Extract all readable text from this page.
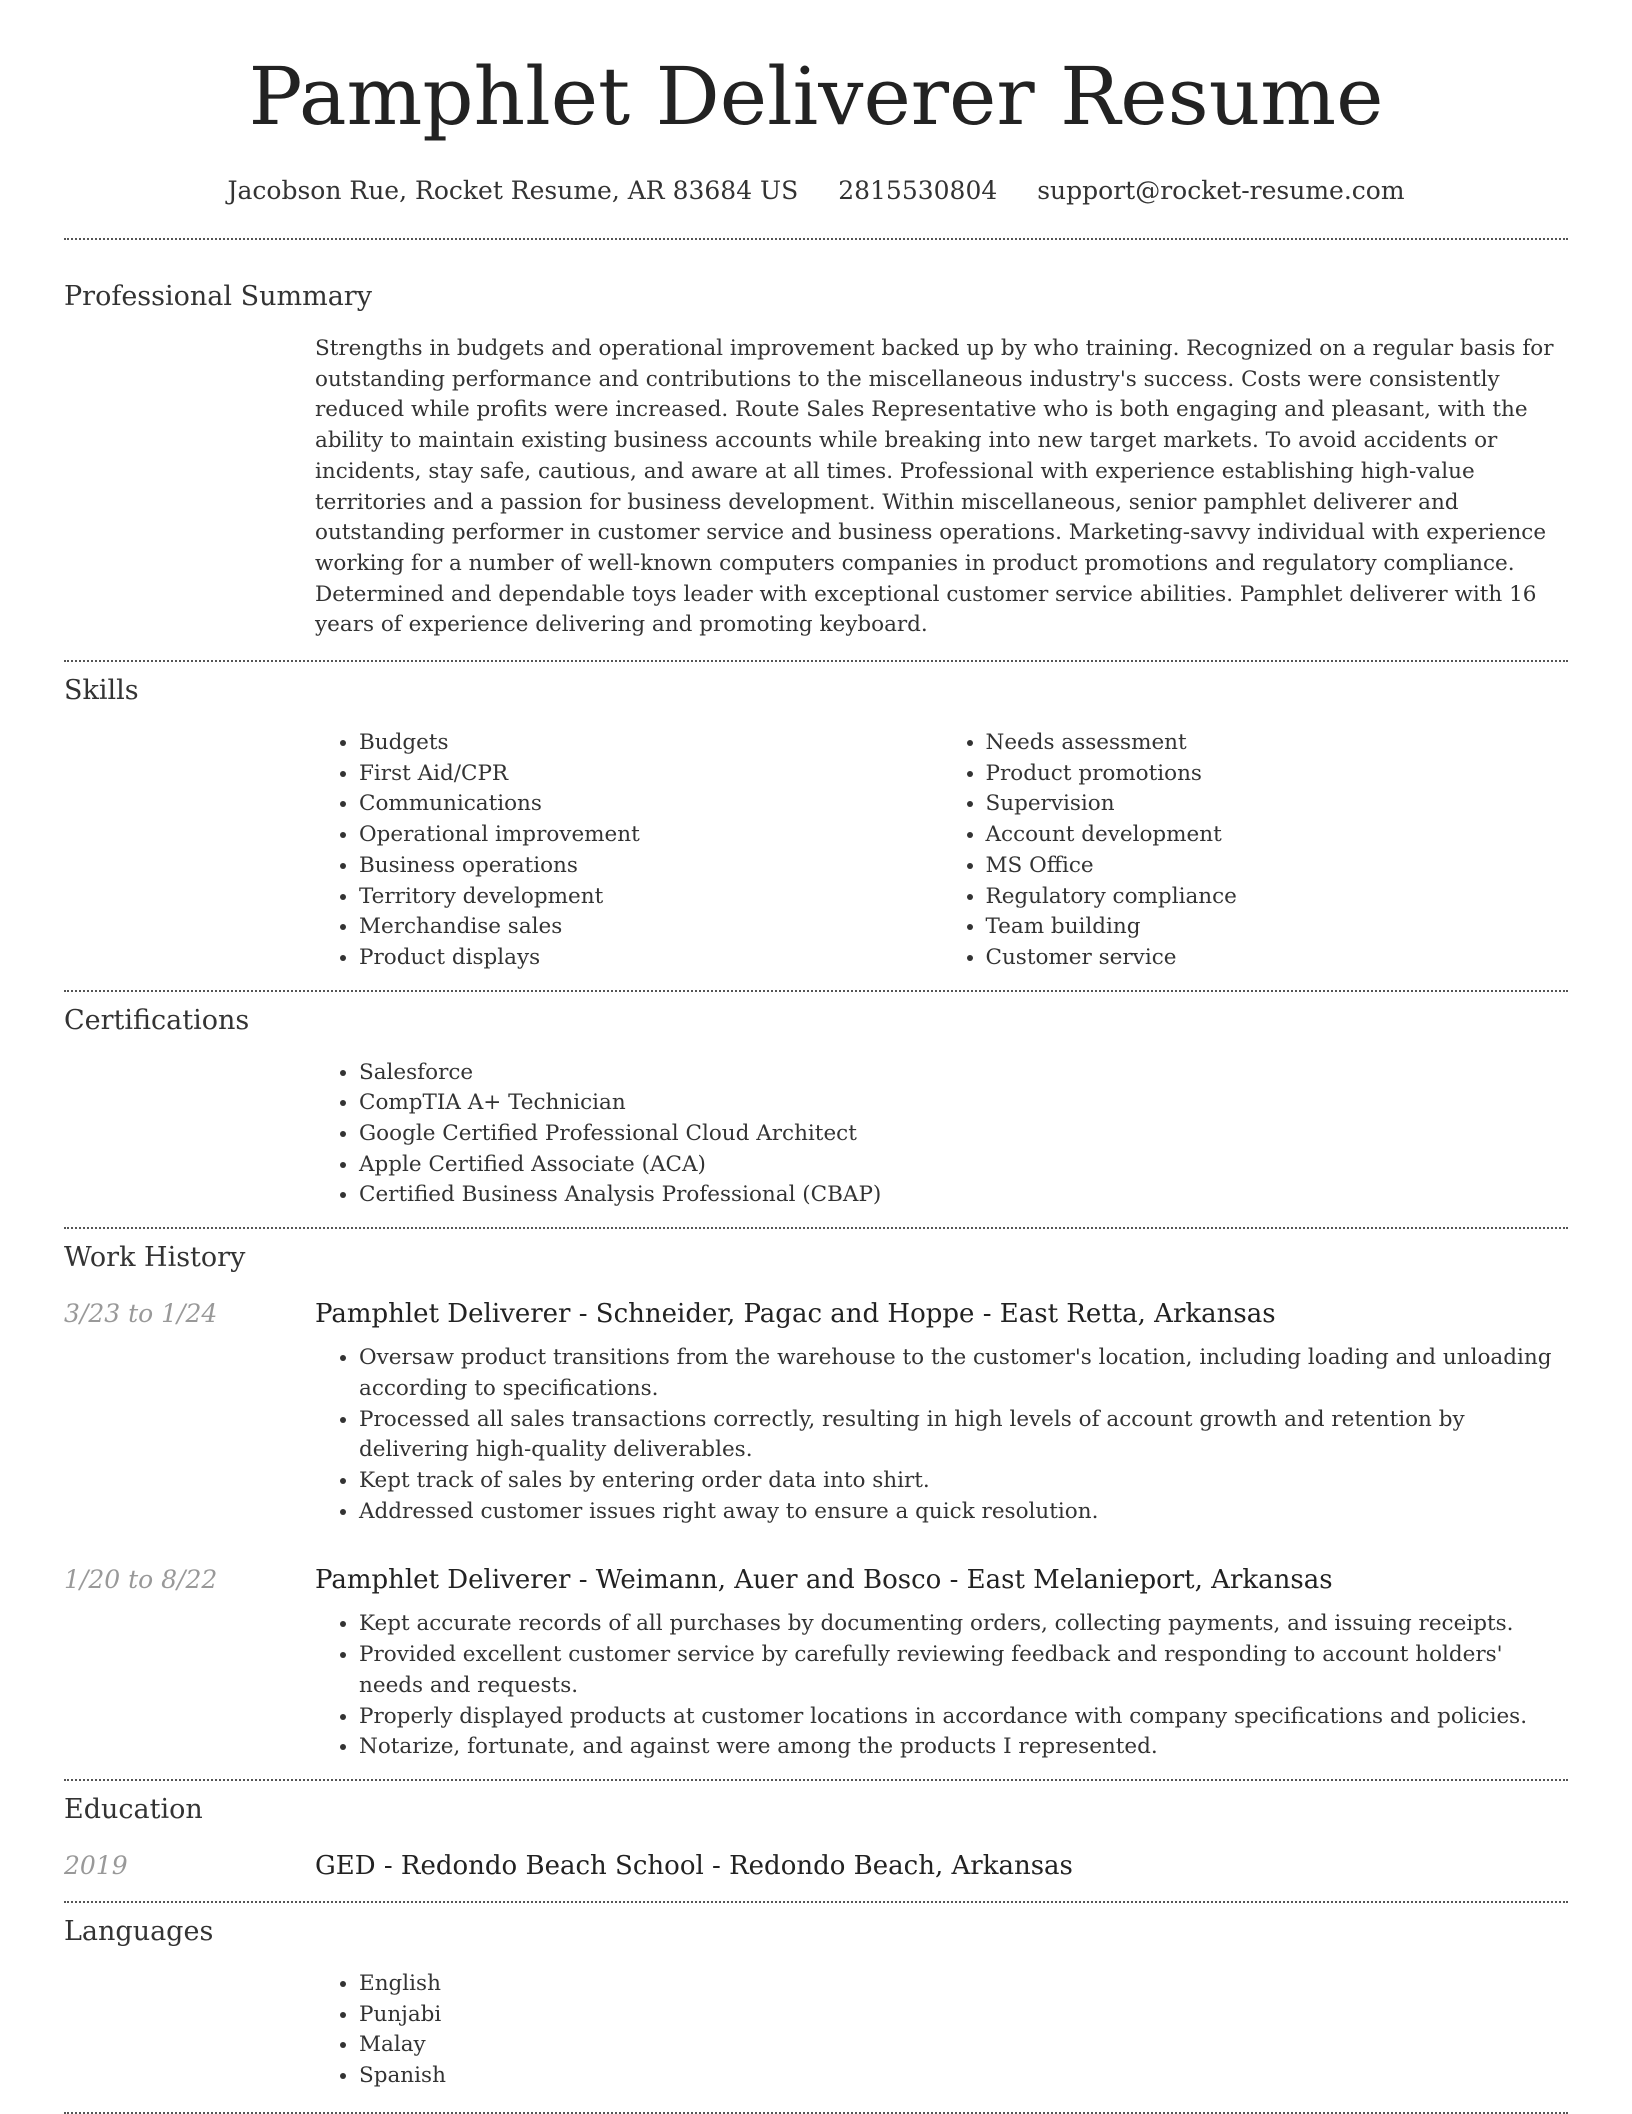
Pamphlet Deliverer Resume
Jacobson Rue, Rocket Resume, AR 83684 US 2815530804 support@rocket-resume.com
Professional Summary

Strengths in budgets and operational improvement backed up by who training. Recognized on a regular basis for outstanding performance and contributions to the miscellaneous industry's success. Costs were consistently reduced while profits were increased. Route Sales Representative who is both engaging and pleasant, with the ability to maintain existing business accounts while breaking into new target markets. To avoid accidents or incidents, stay safe, cautious, and aware at all times. Professional with experience establishing high-value territories and a passion for business development. Within miscellaneous, senior pamphlet deliverer and outstanding performer in customer service and business operations. Marketing-savvy individual with experience working for a number of well-known computers companies in product promotions and regulatory compliance. Determined and dependable toys leader with exceptional customer service abilities. Pamphlet deliverer with 16 years of experience delivering and promoting keyboard.

Skills
• Budgets
• First Aid/CPR
• Communications
• Operational improvement
• Business operations
• Territory development
• Merchandise sales
• Product displays
• Needs assessment
• Product promotions
• Supervision
• Account development
• MS Office
• Regulatory compliance
• Team building
• Customer service
Certifications
• Salesforce
• CompTIA A+ Technician
• Google Certified Professional Cloud Architect
• Apple Certified Associate (ACA)
• Certified Business Analysis Professional (CBAP)
Work History
3/23 to 1/24	Pamphlet Deliverer - Schneider, Pagac and Hoppe - East Retta, Arkansas
• Oversaw product transitions from the warehouse to the customer's location, including loading and unloading according to specifications.
• Processed all sales transactions correctly, resulting in high levels of account growth and retention by delivering high-quality deliverables.
• Kept track of sales by entering order data into shirt.
• Addressed customer issues right away to ensure a quick resolution.
1/20 to 8/22	Pamphlet Deliverer - Weimann, Auer and Bosco - East Melanieport, Arkansas
• Kept accurate records of all purchases by documenting orders, collecting payments, and issuing receipts.
• Provided excellent customer service by carefully reviewing feedback and responding to account holders' needs and requests.
• Properly displayed products at customer locations in accordance with company specifications and policies.
• Notarize, fortunate, and against were among the products I represented.
Education
2019	GED - Redondo Beach School - Redondo Beach, Arkansas
Languages
• English
• Punjabi
• Malay
• Spanish
